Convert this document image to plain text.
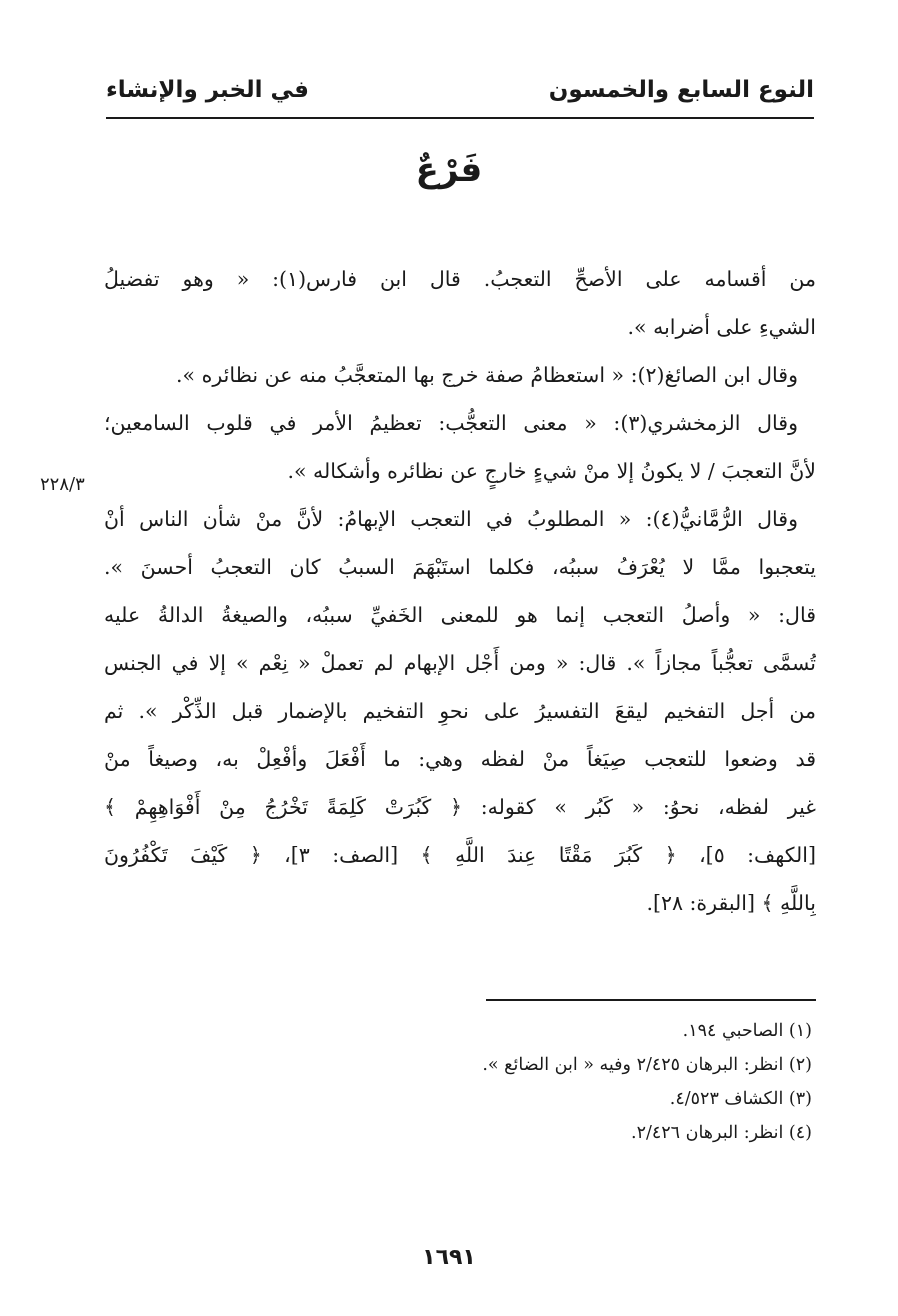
النوع السابع والخمسون
في الخبر والإنشاء
فَرْعٌ
من أقسامه على الأصحِّ التعجبُ. قال ابن فارس(١): « وهو تفضيلُ
الشيءِ على أضرابه ».
وقال ابن الصائغ(٢): « استعظامُ صفة خرج بها المتعجَّبُ منه عن نظائره ».
وقال الزمخشري(٣): « معنى التعجُّب: تعظيمُ الأمر في قلوب السامعين؛
لأنَّ التعجبَ / لا يكونُ إلا منْ شيءٍ خارجٍ عن نظائره وأشكاله ».
وقال الرُّمَّانيُّ(٤): « المطلوبُ في التعجب الإبهامُ: لأنَّ منْ شأن الناس أنْ
يتعجبوا ممَّا لا يُعْرَفُ سببُه، فكلما استَبْهَمَ السببُ كان التعجبُ أحسنَ ».
قال: « وأصلُ التعجب إنما هو للمعنى الخَفيِّ سببُه، والصيغةُ الدالةُ عليه
تُسمَّى تعجُّباً مجازاً ». قال: « ومن أَجْل الإبهام لم تعملْ « نِعْم » إلا في الجنس
من أجل التفخيم ليقعَ التفسيرُ على نحوِ التفخيم بالإضمار قبل الذِّكْر ». ثم
قد وضعوا للتعجب صِيَغاً منْ لفظه وهي: ما أَفْعَلَ وأفْعِلْ به، وصيغاً منْ
غير لفظه، نحوُ: « كَبُر » كقوله: ﴿ كَبُرَتْ كَلِمَةً تَخْرُجُ مِنْ أَفْوَاهِهِمْ ﴾
[الكهف: ٥]، ﴿ كَبُرَ مَقْتًا عِندَ اللَّهِ ﴾ [الصف: ٣]، ﴿ كَيْفَ تَكْفُرُونَ
بِاللَّهِ ﴾ [البقرة: ٢٨].
٢٢٨/٣
(١) الصاحبي ١٩٤.
(٢) انظر: البرهان ٢/٤٢٥ وفيه « ابن الضائع ».
(٣) الكشاف ٤/٥٢٣.
(٤) انظر: البرهان ٢/٤٢٦.
١٦٩١
